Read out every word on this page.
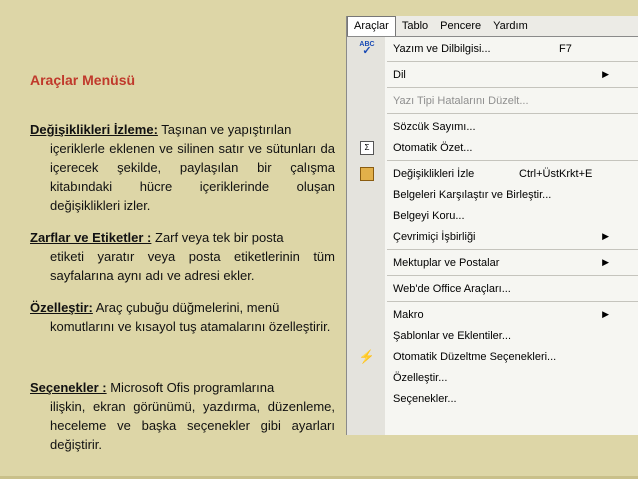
Araçlar Menüsü
Değişiklikleri İzleme: Taşınan ve yapıştırılan
içeriklerle eklenen ve silinen satır ve sütunları da içerecek şekilde, paylaşılan bir çalışma kitabındaki hücre içeriklerinde oluşan değişiklikleri izler.
Zarflar ve Etiketler : Zarf veya tek bir posta
etiketi yaratır veya posta etiketlerinin tüm sayfalarına aynı adı ve adresi ekler.
Özelleştir: Araç çubuğu düğmelerini, menü
komutlarını ve kısayol tuş atamalarını özelleştirir.
Seçenekler : Microsoft Ofis programlarına
ilişkin, ekran görünümü, yazdırma, düzenleme, heceleme ve başka seçenekler gibi ayarları değiştirir.
Araçlar	Tablo	Pencere	Yardım
ABC
✓ Yazım ve Dilbilgisi...	F7
Dil	▶
Yazı Tipi Hatalarını Düzelt...
Sözcük Sayımı...
Σ	Otomatik Özet...
Değişiklikleri İzle	Ctrl+ÜstKrkt+E
Belgeleri Karşılaştır ve Birleştir...
Belgeyi Koru...
Çevrimiçi İşbirliği	▶
Mektuplar ve Postalar	▶
Web'de Office Araçları...
Makro	▶
Şablonlar ve Eklentiler...
⚡ Otomatik Düzeltme Seçenekleri...
Özelleştir...
Seçenekler...
